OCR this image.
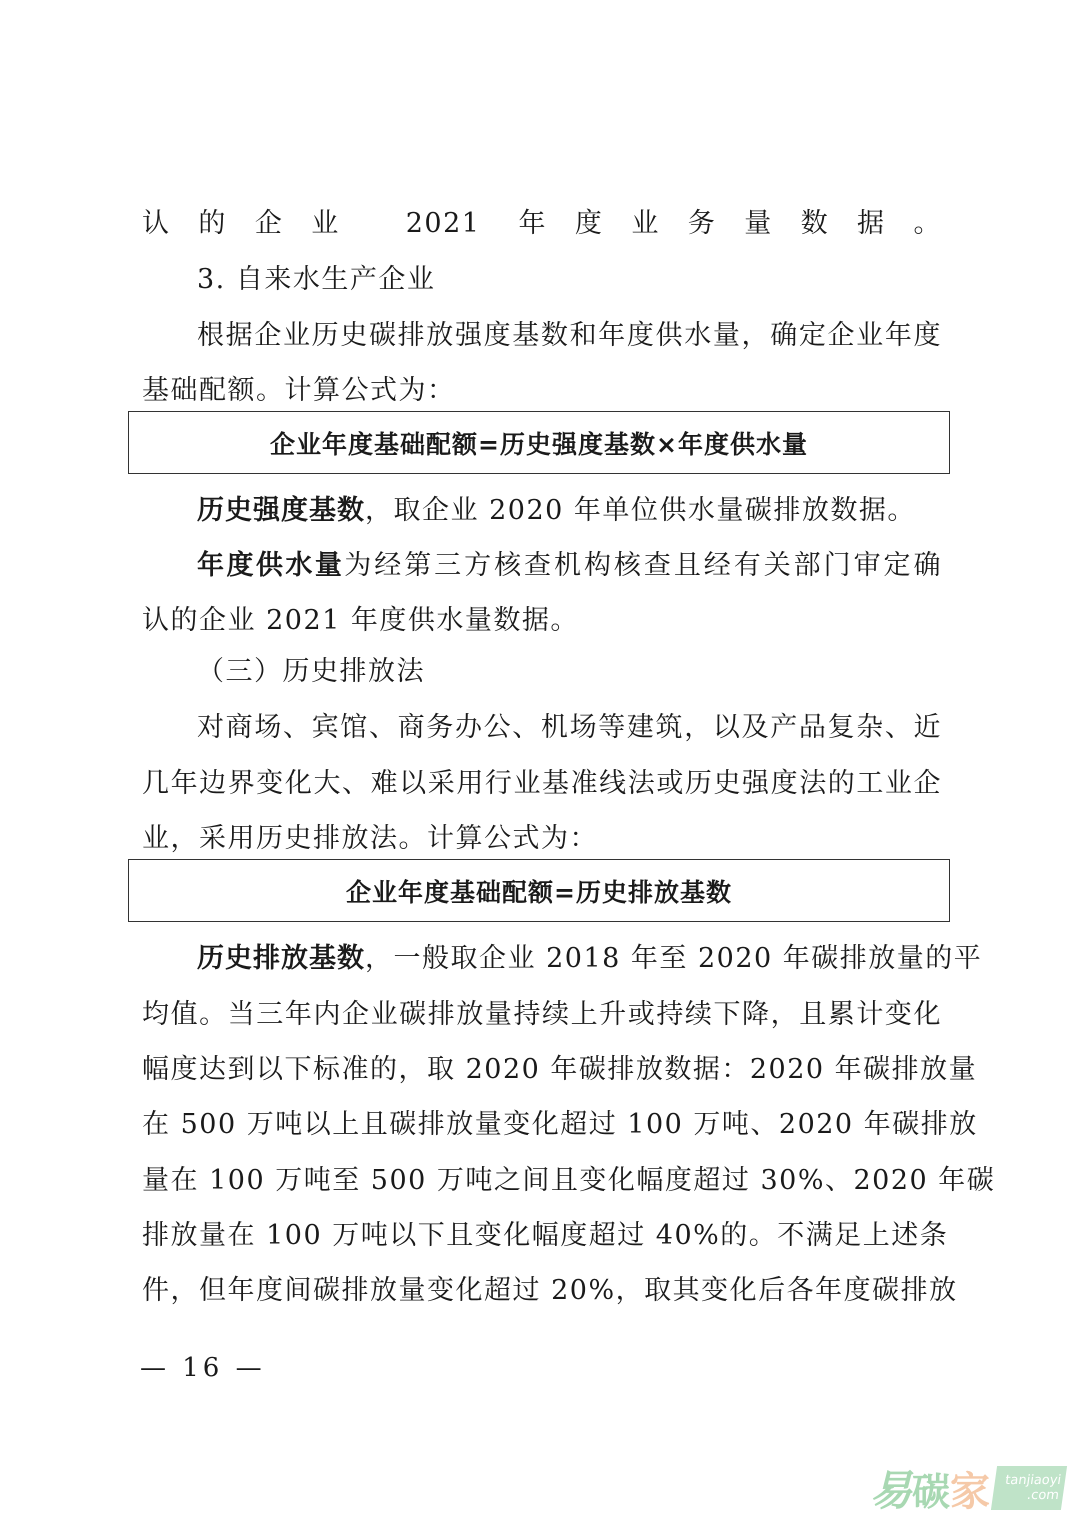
认的企业 2021 年度业务量数据。
3. 自来水生产企业
根据企业历史碳排放强度基数和年度供水量，确定企业年度
基础配额。计算公式为：
企业年度基础配额=历史强度基数×年度供水量
历史强度基数，取企业 2020 年单位供水量碳排放数据。
年度供水量为经第三方核查机构核查且经有关部门审定确
认的企业 2021 年度供水量数据。
（三）历史排放法
对商场、宾馆、商务办公、机场等建筑，以及产品复杂、近
几年边界变化大、难以采用行业基准线法或历史强度法的工业企
业，采用历史排放法。计算公式为：
企业年度基础配额=历史排放基数
历史排放基数，一般取企业 2018 年至 2020 年碳排放量的平
均值。当三年内企业碳排放量持续上升或持续下降，且累计变化
幅度达到以下标准的，取 2020 年碳排放数据：2020 年碳排放量
在 500 万吨以上且碳排放量变化超过 100 万吨、2020 年碳排放
量在 100 万吨至 500 万吨之间且变化幅度超过 30%、2020 年碳
排放量在 100 万吨以下且变化幅度超过 40%的。不满足上述条
件，但年度间碳排放量变化超过 20%，取其变化后各年度碳排放
— 16 —
易 碳 家 tanjiaoyi
.com
